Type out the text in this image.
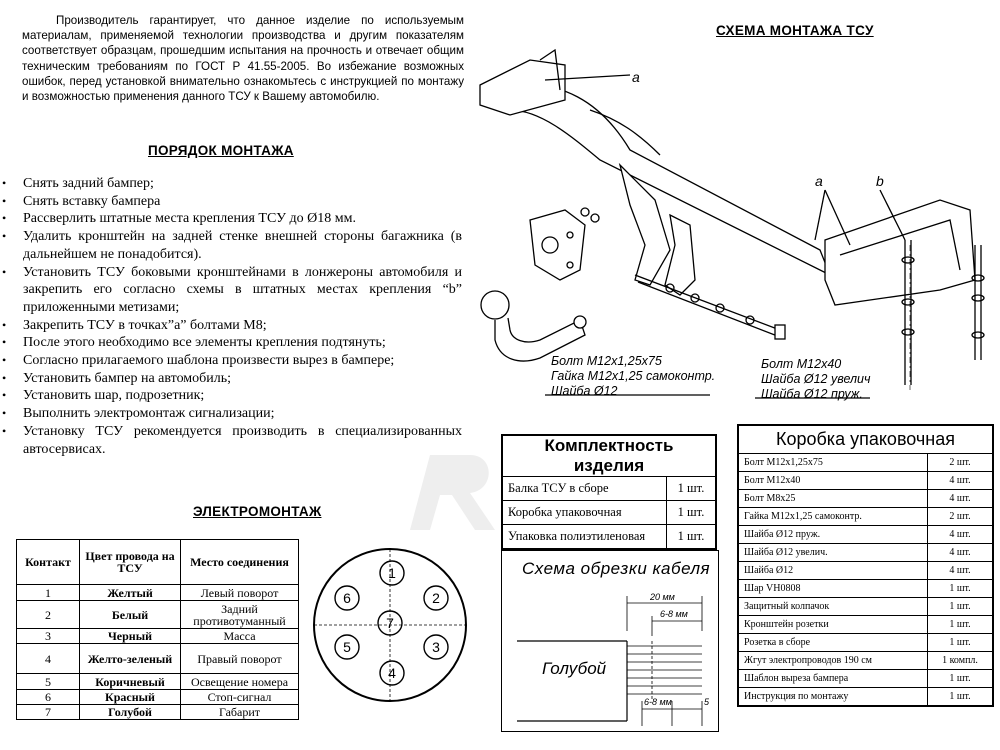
Производитель гарантирует, что данное изделие по используемым материалам, применяемой технологии производства и другим показателям соответствует образцам, прошедшим испытания на прочность и отвечает общим техническим требованиям по ГОСТ Р 41.55-2005. Во избежание возможных ошибок, перед установкой внимательно ознакомьтесь с инструкцией по монтажу и возможностью применения данного ТСУ к Вашему автомобилю.
ПОРЯДОК МОНТАЖА
• Снять задний бампер;
• Снять вставку бампера
• Рассверлить штатные места крепления ТСУ до Ø18 мм.
• Удалить кронштейн на задней стенке внешней стороны багажника (в дальнейшем не понадобится).
• Установить ТСУ боковыми кронштейнами в лонжероны автомобиля и закрепить его согласно схемы в штатных местах крепления “b” приложенными метизами;
• Закрепить ТСУ в точках”a” болтами М8;
• После этого необходимо все элементы крепления подтянуть;
• Согласно прилагаемого шаблона произвести вырез в бампере;
• Установить бампер на автомобиль;
• Установить шар, подрозетник;
• Выполнить электромонтаж сигнализации;
• Установку ТСУ рекомендуется производить в специализированных автосервисах.
СХЕМА МОНТАЖА ТСУ
a
a	b
Болт М12х1,25х75
Гайка М12х1,25 самоконтр.
Шайба Ø12
Болт М12х40
Шайба Ø12 увелич
Шайба Ø12 пруж.
Комплектность изделия	
Балка ТСУ в сборе	1 шт.
Коробка упаковочная	1 шт.
Упаковка полиэтиленовая	1 шт.
Схема обрезки кабеля
20 мм
6-8 мм
6-8 мм	5
Голубой
Коробка упаковочная	
Болт М12х1,25х75	2 шт.
Болт М12х40	4 шт.
Болт М8х25	4 шт.
Гайка М12х1,25 самоконтр.	2 шт.
Шайба Ø12 пруж.	4 шт.
Шайба Ø12 увелич.	4 шт.
Шайба Ø12	4 шт.
Шар VH0808	1 шт.
Защитный колпачок	1 шт.
Кронштейн розетки	1 шт.
Розетка в сборе	1 шт.
Жгут электропроводов 190 см	1 компл.
Шаблон выреза бампера	1 шт.
Инструкция по монтажу	1 шт.
ЭЛЕКТРОМОНТАЖ
Контакт	Цвет провода на ТСУ	Место соединения
1	Желтый	Левый поворот
2	Белый	Задний противотуманный
3	Черный	Масса
4	Желто-зеленый	Правый поворот
5	Коричневый	Освещение номера
6	Красный	Стоп-сигнал
7	Голубой	Габарит
1
2
3
4
5
6
7
